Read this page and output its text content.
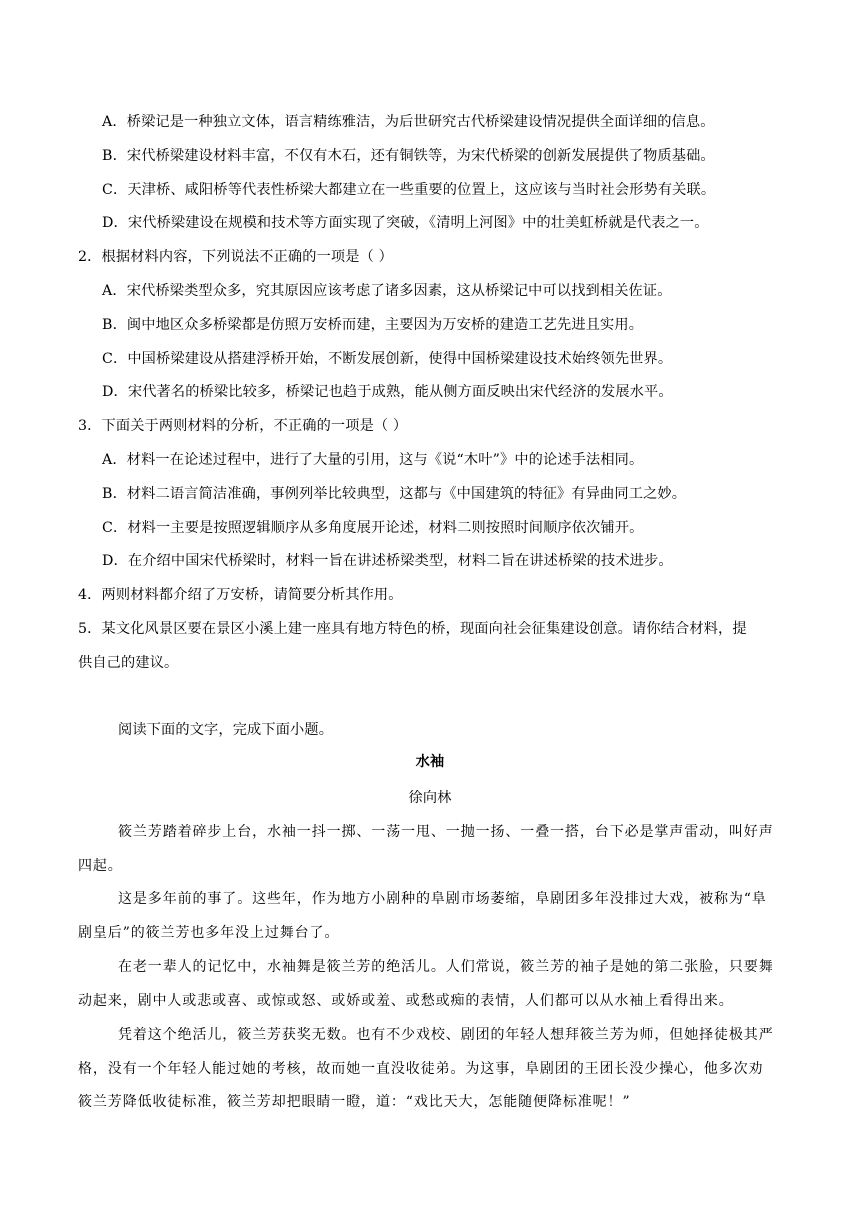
A．桥梁记是一种独立文体，语言精练雅洁，为后世研究古代桥梁建设情况提供全面详细的信息。
B．宋代桥梁建设材料丰富，不仅有木石，还有铜铁等，为宋代桥梁的创新发展提供了物质基础。
C．天津桥、咸阳桥等代表性桥梁大都建立在一些重要的位置上，这应该与当时社会形势有关联。
D．宋代桥梁建设在规模和技术等方面实现了突破，《清明上河图》中的壮美虹桥就是代表之一。
2．根据材料内容，下列说法不正确的一项是（ ）
A．宋代桥梁类型众多，究其原因应该考虑了诸多因素，这从桥梁记中可以找到相关佐证。
B．闽中地区众多桥梁都是仿照万安桥而建，主要因为万安桥的建造工艺先进且实用。
C．中国桥梁建设从搭建浮桥开始，不断发展创新，使得中国桥梁建设技术始终领先世界。
D．宋代著名的桥梁比较多，桥梁记也趋于成熟，能从侧方面反映出宋代经济的发展水平。
3．下面关于两则材料的分析，不正确的一项是（ ）
A．材料一在论述过程中，进行了大量的引用，这与《说“木叶”》中的论述手法相同。
B．材料二语言简洁准确，事例列举比较典型，这都与《中国建筑的特征》有异曲同工之妙。
C．材料一主要是按照逻辑顺序从多角度展开论述，材料二则按照时间顺序依次铺开。
D．在介绍中国宋代桥梁时，材料一旨在讲述桥梁类型，材料二旨在讲述桥梁的技术进步。
4．两则材料都介绍了万安桥，请简要分析其作用。
5．某文化风景区要在景区小溪上建一座具有地方特色的桥，现面向社会征集建设创意。请你结合材料，提
供自己的建议。
阅读下面的文字，完成下面小题。
水袖
徐向林
筱兰芳踏着碎步上台，水袖一抖一掷、一荡一甩、一抛一扬、一叠一搭，台下必是掌声雷动，叫好声
四起。
这是多年前的事了。这些年，作为地方小剧种的阜剧市场萎缩，阜剧团多年没排过大戏，被称为“阜
剧皇后”的筱兰芳也多年没上过舞台了。
在老一辈人的记忆中，水袖舞是筱兰芳的绝活儿。人们常说，筱兰芳的袖子是她的第二张脸，只要舞
动起来，剧中人或悲或喜、或惊或怒、或娇或羞、或愁或痴的表情，人们都可以从水袖上看得出来。
凭着这个绝活儿，筱兰芳获奖无数。也有不少戏校、剧团的年轻人想拜筱兰芳为师，但她择徒极其严
格，没有一个年轻人能过她的考核，故而她一直没收徒弟。为这事，阜剧团的王团长没少操心，他多次劝
筱兰芳降低收徒标准，筱兰芳却把眼睛一瞪，道：“戏比天大，怎能随便降标准呢！”
